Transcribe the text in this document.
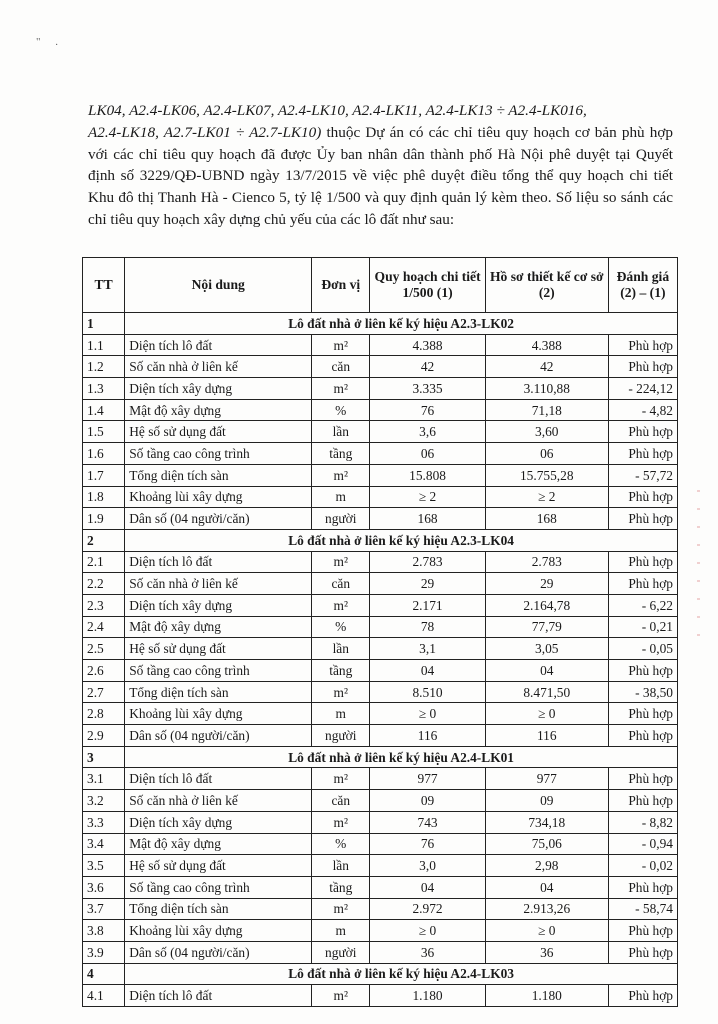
" .
LK04, A2.4-LK06, A2.4-LK07, A2.4-LK10, A2.4-LK11, A2.4-LK13 ÷ A2.4-LK016,
A2.4-LK18, A2.7-LK01 ÷ A2.7-LK10) thuộc Dự án có các chỉ tiêu quy hoạch cơ bản phù hợp với các chỉ tiêu quy hoạch đã được Ủy ban nhân dân thành phố Hà Nội phê duyệt tại Quyết định số 3229/QĐ-UBND ngày 13/7/2015 về việc phê duyệt điều tổng thể quy hoạch chi tiết Khu đô thị Thanh Hà - Cienco 5, tỷ lệ 1/500 và quy định quản lý kèm theo. Số liệu so sánh các chỉ tiêu quy hoạch xây dựng chủ yếu của các lô đất như sau:
TT	Nội dung	Đơn vị	Quy hoạch chi tiết 1/500 (1)	Hồ sơ thiết kế cơ sở (2)	Đánh giá (2) – (1)
1	Lô đất nhà ở liên kế ký hiệu A2.3-LK02				
1.1	Diện tích lô đất	m²	4.388	4.388	Phù hợp
1.2	Số căn nhà ở liên kế	căn	42	42	Phù hợp
1.3	Diện tích xây dựng	m²	3.335	3.110,88	- 224,12
1.4	Mật độ xây dựng	%	76	71,18	- 4,82
1.5	Hệ số sử dụng đất	lần	3,6	3,60	Phù hợp
1.6	Số tầng cao công trình	tầng	06	06	Phù hợp
1.7	Tổng diện tích sàn	m²	15.808	15.755,28	- 57,72
1.8	Khoảng lùi xây dựng	m	≥ 2	≥ 2	Phù hợp
1.9	Dân số (04 người/căn)	người	168	168	Phù hợp
2	Lô đất nhà ở liên kế ký hiệu A2.3-LK04				
2.1	Diện tích lô đất	m²	2.783	2.783	Phù hợp
2.2	Số căn nhà ở liên kế	căn	29	29	Phù hợp
2.3	Diện tích xây dựng	m²	2.171	2.164,78	- 6,22
2.4	Mật độ xây dựng	%	78	77,79	- 0,21
2.5	Hệ số sử dụng đất	lần	3,1	3,05	- 0,05
2.6	Số tầng cao công trình	tầng	04	04	Phù hợp
2.7	Tổng diện tích sàn	m²	8.510	8.471,50	- 38,50
2.8	Khoảng lùi xây dựng	m	≥ 0	≥ 0	Phù hợp
2.9	Dân số (04 người/căn)	người	116	116	Phù hợp
3	Lô đất nhà ở liên kế ký hiệu A2.4-LK01				
3.1	Diện tích lô đất	m²	977	977	Phù hợp
3.2	Số căn nhà ở liên kế	căn	09	09	Phù hợp
3.3	Diện tích xây dựng	m²	743	734,18	- 8,82
3.4	Mật độ xây dựng	%	76	75,06	- 0,94
3.5	Hệ số sử dụng đất	lần	3,0	2,98	- 0,02
3.6	Số tầng cao công trình	tầng	04	04	Phù hợp
3.7	Tổng diện tích sàn	m²	2.972	2.913,26	- 58,74
3.8	Khoảng lùi xây dựng	m	≥ 0	≥ 0	Phù hợp
3.9	Dân số (04 người/căn)	người	36	36	Phù hợp
4	Lô đất nhà ở liên kế ký hiệu A2.4-LK03				
4.1	Diện tích lô đất	m²	1.180	1.180	Phù hợp
